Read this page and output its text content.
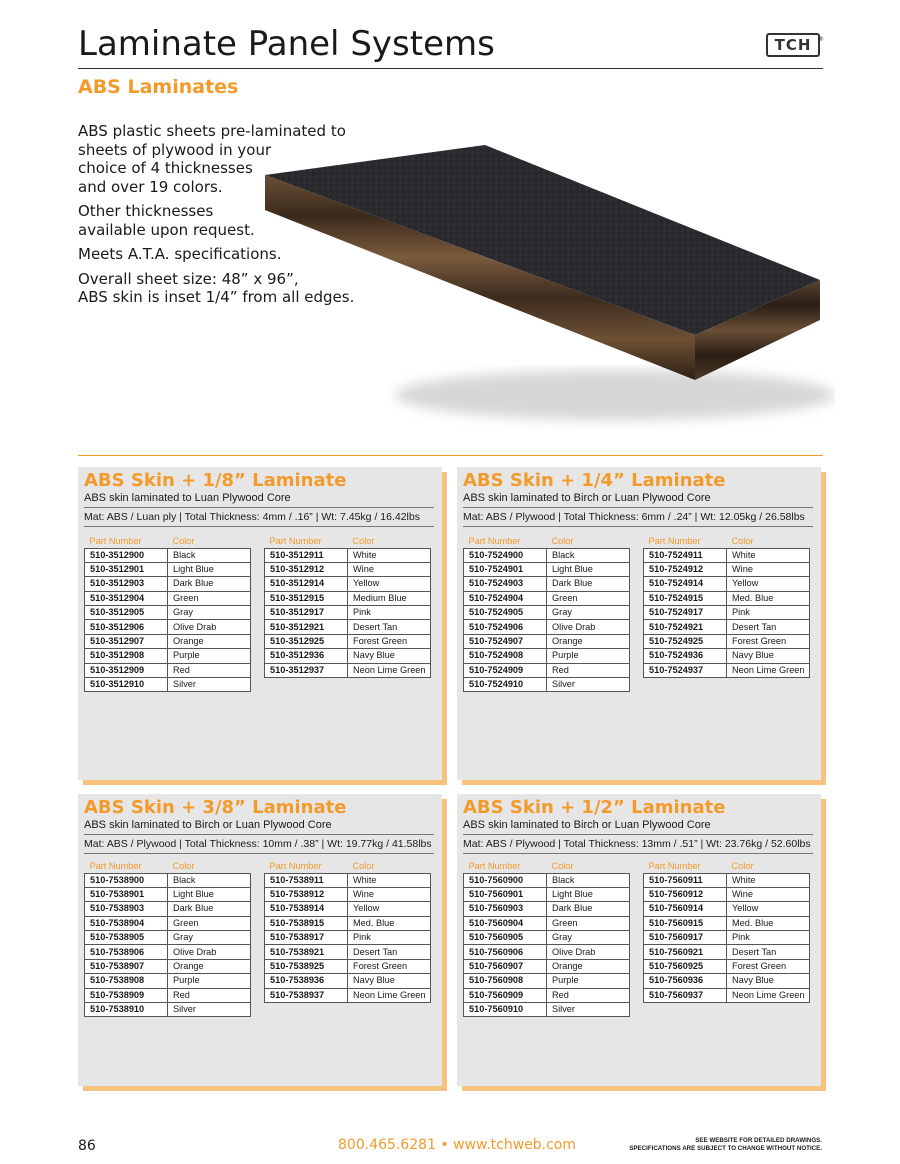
Laminate Panel Systems	TCH ®
ABS Laminates

ABS plastic sheets pre-laminated to
sheets of plywood in your
choice of 4 thicknesses
and over 19 colors.

Other thicknesses
available upon request.

Meets A.T.A. specifications.

Overall sheet size: 48” x 96”,
ABS skin is inset 1/4” from all edges.

ABS Skin + 1/8” Laminate
ABS skin laminated to Luan Plywood Core
Mat: ABS / Luan ply | Total Thickness: 4mm / .16” | Wt: 7.45kg / 16.42lbs
Part Number	Color
510-3512900	Black
510-3512901	Light Blue
510-3512903	Dark Blue
510-3512904	Green
510-3512905	Gray
510-3512906	Olive Drab
510-3512907	Orange
510-3512908	Purple
510-3512909	Red
510-3512910	Silver
Part Number	Color
510-3512911	White
510-3512912	Wine
510-3512914	Yellow
510-3512915	Medium Blue
510-3512917	Pink
510-3512921	Desert Tan
510-3512925	Forest Green
510-3512936	Navy Blue
510-3512937	Neon Lime Green
ABS Skin + 1/4” Laminate
ABS skin laminated to Birch or Luan Plywood Core
Mat: ABS / Plywood | Total Thickness: 6mm / .24” | Wt: 12.05kg / 26.58lbs
Part Number	Color
510-7524900	Black
510-7524901	Light Blue
510-7524903	Dark Blue
510-7524904	Green
510-7524905	Gray
510-7524906	Olive Drab
510-7524907	Orange
510-7524908	Purple
510-7524909	Red
510-7524910	Silver
Part Number	Color
510-7524911	White
510-7524912	Wine
510-7524914	Yellow
510-7524915	Med. Blue
510-7524917	Pink
510-7524921	Desert Tan
510-7524925	Forest Green
510-7524936	Navy Blue
510-7524937	Neon Lime Green
ABS Skin + 3/8” Laminate
ABS skin laminated to Birch or Luan Plywood Core
Mat: ABS / Plywood | Total Thickness: 10mm / .38” | Wt: 19.77kg / 41.58lbs
Part Number	Color
510-7538900	Black
510-7538901	Light Blue
510-7538903	Dark Blue
510-7538904	Green
510-7538905	Gray
510-7538906	Olive Drab
510-7538907	Orange
510-7538908	Purple
510-7538909	Red
510-7538910	Silver
Part Number	Color
510-7538911	White
510-7538912	Wine
510-7538914	Yellow
510-7538915	Med. Blue
510-7538917	Pink
510-7538921	Desert Tan
510-7538925	Forest Green
510-7538936	Navy Blue
510-7538937	Neon Lime Green
ABS Skin + 1/2” Laminate
ABS skin laminated to Birch or Luan Plywood Core
Mat: ABS / Plywood | Total Thickness: 13mm / .51” | Wt: 23.76kg / 52.60lbs
Part Number	Color
510-7560900	Black
510-7560901	Light Blue
510-7560903	Dark Blue
510-7560904	Green
510-7560905	Gray
510-7560906	Olive Drab
510-7560907	Orange
510-7560908	Purple
510-7560909	Red
510-7560910	Silver
Part Number	Color
510-7560911	White
510-7560912	Wine
510-7560914	Yellow
510-7560915	Med. Blue
510-7560917	Pink
510-7560921	Desert Tan
510-7560925	Forest Green
510-7560936	Navy Blue
510-7560937	Neon Lime Green
86	800.465.6281 • www.tchweb.com	SEE WEBSITE FOR DETAILED DRAWINGS.
SPECIFICATIONS ARE SUBJECT TO CHANGE WITHOUT NOTICE.
